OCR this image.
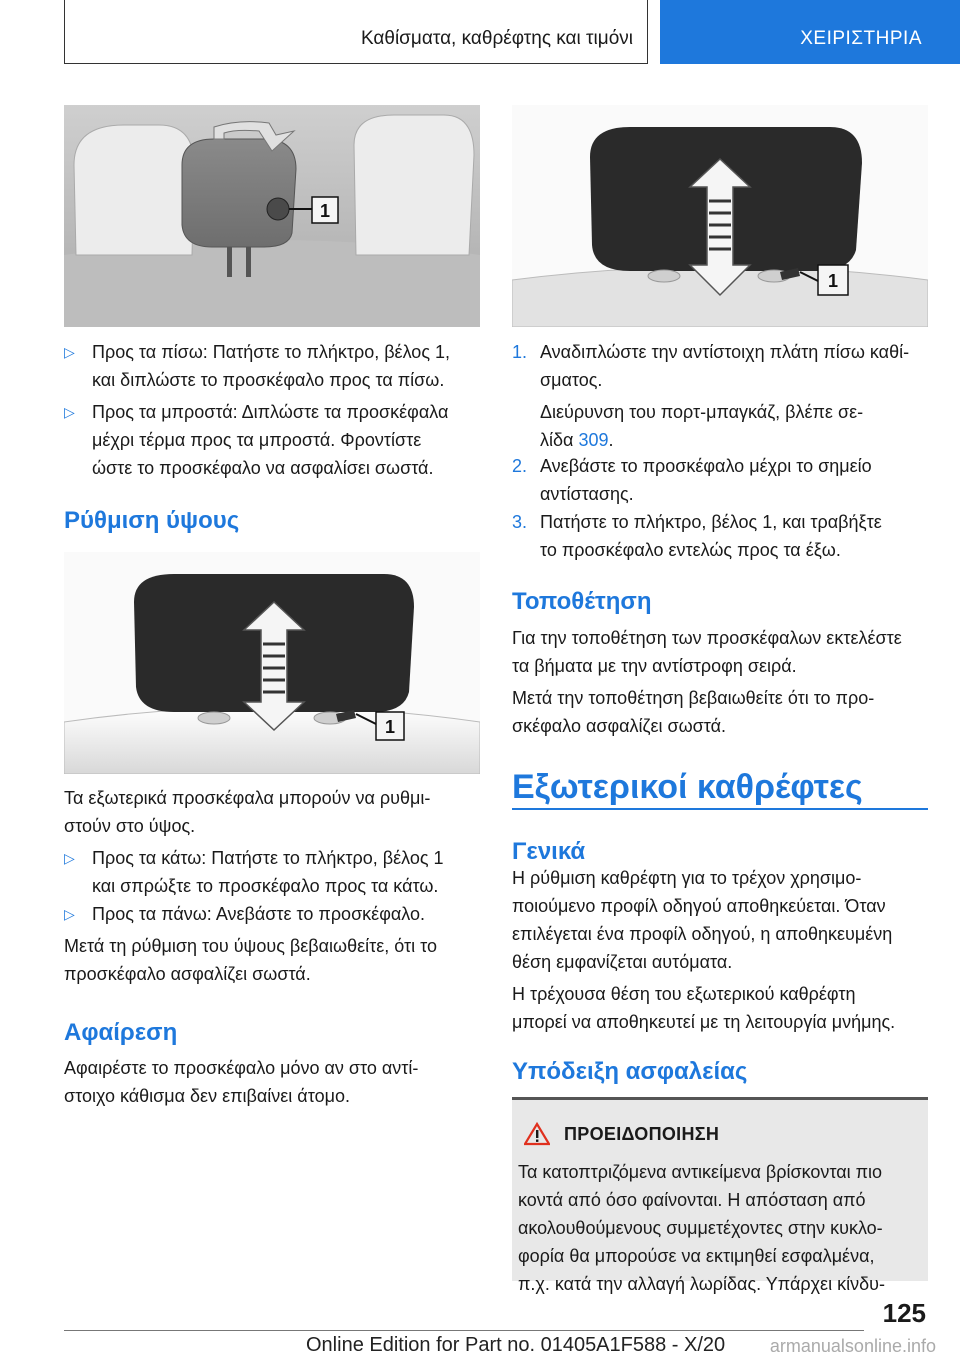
Καθίσματα, καθρέφτης και τιμόνι	ΧΕΙΡΙΣΤΗΡΙΑ
1
▷ Προς τα πίσω: Πατήστε το πλήκτρο, βέλος 1,
και διπλώστε το προσκέφαλο προς τα πίσω.
▷ Προς τα μπροστά: Διπλώστε τα προσκέφαλα
μέχρι τέρμα προς τα μπροστά. Φροντίστε
ώστε το προσκέφαλο να ασφαλίσει σωστά.
Ρύθμιση ύψους
1
Τα εξωτερικά προσκέφαλα μπορούν να ρυθμι-
στούν στο ύψος.
▷ Προς τα κάτω: Πατήστε το πλήκτρο, βέλος 1
και σπρώξτε το προσκέφαλο προς τα κάτω.
▷ Προς τα πάνω: Ανεβάστε το προσκέφαλο.
Μετά τη ρύθμιση του ύψους βεβαιωθείτε, ότι το
προσκέφαλο ασφαλίζει σωστά.
Αφαίρεση
Αφαιρέστε το προσκέφαλο μόνο αν στο αντί-
στοιχο κάθισμα δεν επιβαίνει άτομο.
1
1. Αναδιπλώστε την αντίστοιχη πλάτη πίσω καθί-
σματος.
Διεύρυνση του πορτ-μπαγκάζ, βλέπε σε-
λίδα 309.
2. Ανεβάστε το προσκέφαλο μέχρι το σημείο
αντίστασης.
3. Πατήστε το πλήκτρο, βέλος 1, και τραβήξτε
το προσκέφαλο εντελώς προς τα έξω.
Τοποθέτηση
Για την τοποθέτηση των προσκέφαλων εκτελέστε
τα βήματα με την αντίστροφη σειρά.
Μετά την τοποθέτηση βεβαιωθείτε ότι το προ-
σκέφαλο ασφαλίζει σωστά.
Εξωτερικοί καθρέφτες
Γενικά
Η ρύθμιση καθρέφτη για το τρέχον χρησιμο-
ποιούμενο προφίλ οδηγού αποθηκεύεται. Όταν
επιλέγεται ένα προφίλ οδηγού, η αποθηκευμένη
θέση εμφανίζεται αυτόματα.
Η τρέχουσα θέση του εξωτερικού καθρέφτη
μπορεί να αποθηκευτεί με τη λειτουργία μνήμης.
Υπόδειξη ασφαλείας
ΠΡΟΕΙΔΟΠΟΙΗΣΗ
Τα κατοπτριζόμενα αντικείμενα βρίσκονται πιο
κοντά από όσο φαίνονται. Η απόσταση από
ακολουθούμενους συμμετέχοντες στην κυκλο-
φορία θα μπορούσε να εκτιμηθεί εσφαλμένα,
π.χ. κατά την αλλαγή λωρίδας. Υπάρχει κίνδυ-
125
Online Edition for Part no. 01405A1F588 - X/20 armanualsonline.info
